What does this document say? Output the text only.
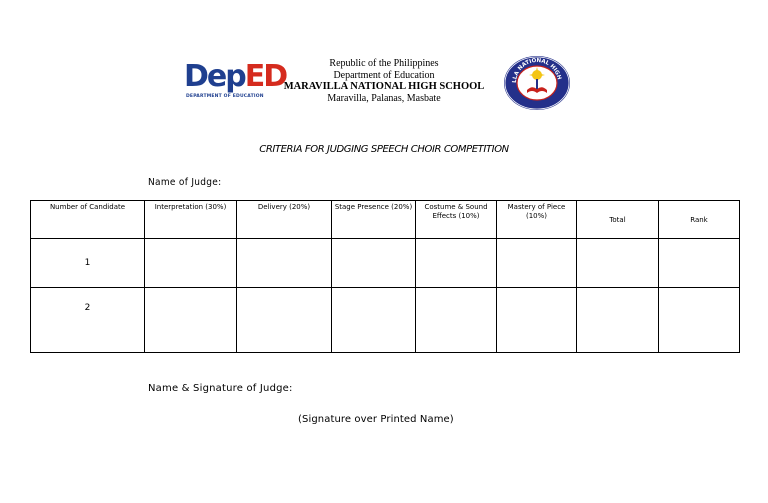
DepED
DEPARTMENT OF EDUCATION
Republic of the Philippines
Department of Education
MARAVILLA NATIONAL HIGH SCHOOL
Maravilla, Palanas, Masbate
LLA NATIONAL HIGH
CRITERIA FOR JUDGING SPEECH CHOIR COMPETITION
Name of Judge:
Number of Candidate	Interpretation (30%)	Delivery (20%)	Stage Presence (20%)	Costume & Sound Effects (10%)	Mastery of Piece (10%)	Total	Rank
1							
2							
Name & Signature of Judge:
(Signature over Printed Name)
